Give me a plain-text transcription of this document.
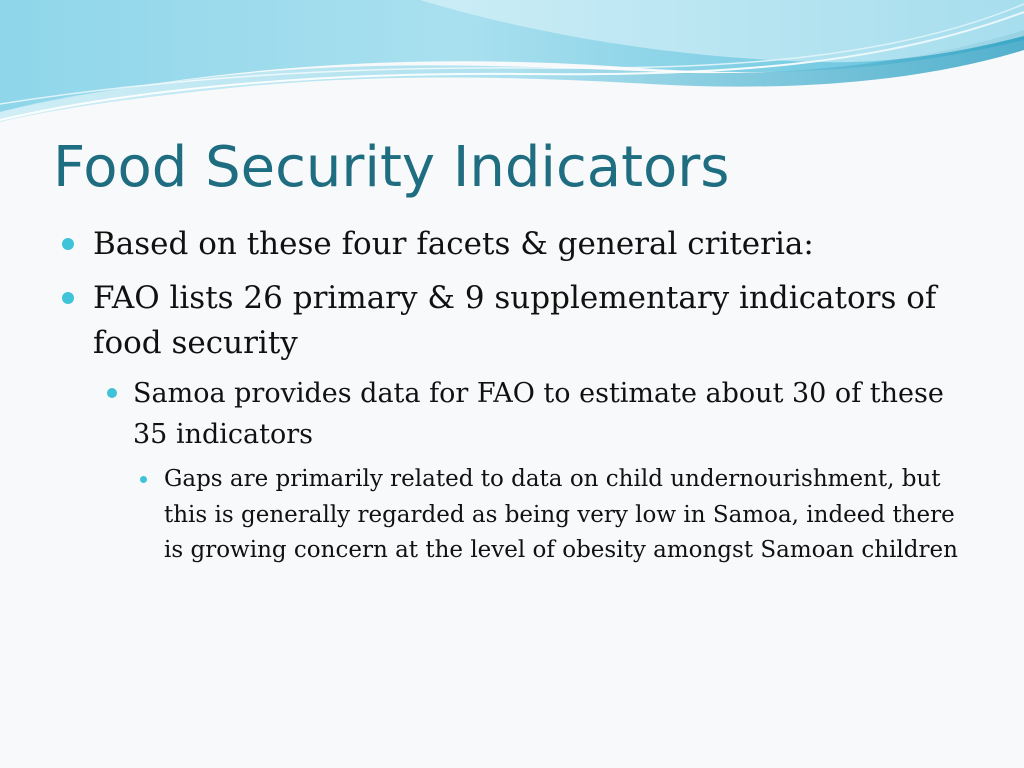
Food Security Indicators
Based on these four facets & general criteria:
FAO lists 26 primary & 9 supplementary indicators of food security
Samoa provides data for FAO to estimate about 30 of these 35 indicators
Gaps are primarily related to data on child undernourishment, but this is generally regarded as being very low in Samoa, indeed there is growing concern at the level of obesity amongst Samoan children
